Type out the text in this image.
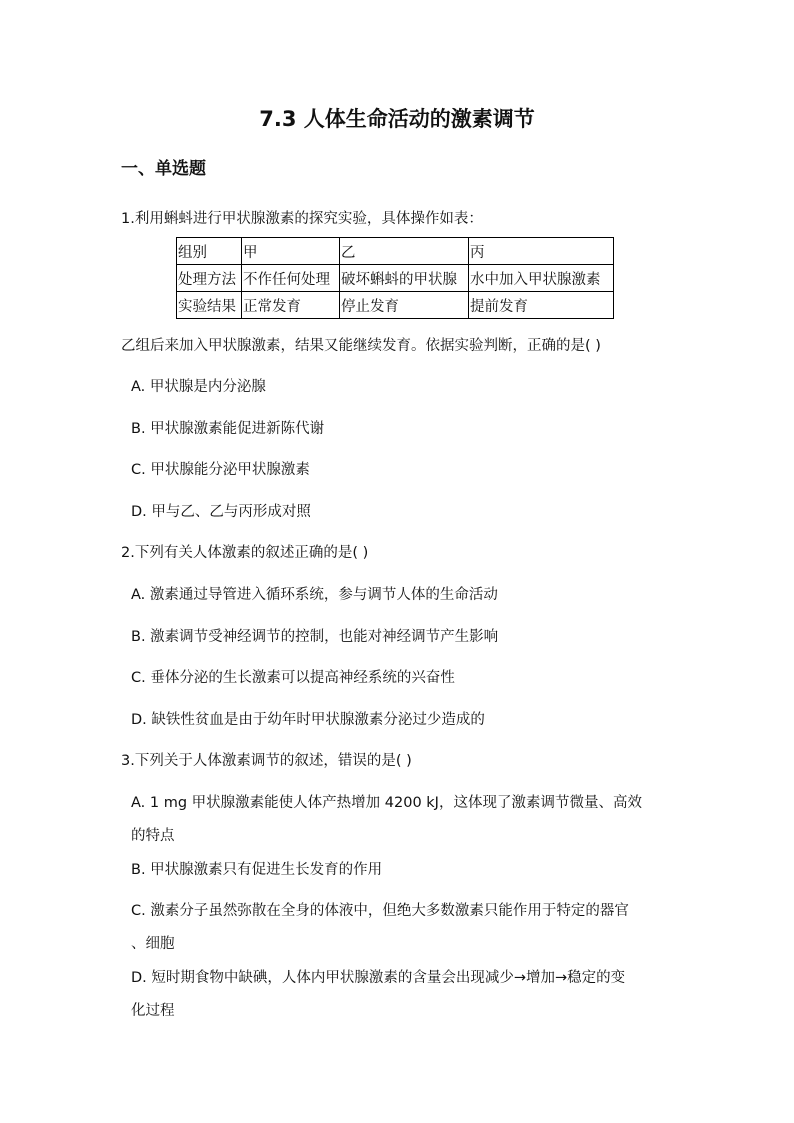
7.3 人体生命活动的激素调节
一、单选题
1.利用蝌蚪进行甲状腺激素的探究实验，具体操作如表：
组别	甲	乙	丙
处理方法	不作任何处理	破坏蝌蚪的甲状腺	水中加入甲状腺激素
实验结果	正常发育	停止发育	提前发育
乙组后来加入甲状腺激素，结果又能继续发育。依据实验判断，正确的是( )
A. 甲状腺是内分泌腺
B. 甲状腺激素能促进新陈代谢
C. 甲状腺能分泌甲状腺激素
D. 甲与乙、乙与丙形成对照
2.下列有关人体激素的叙述正确的是( )
A. 激素通过导管进入循环系统，参与调节人体的生命活动
B. 激素调节受神经调节的控制，也能对神经调节产生影响
C. 垂体分泌的生长激素可以提高神经系统的兴奋性
D. 缺铁性贫血是由于幼年时甲状腺激素分泌过少造成的
3.下列关于人体激素调节的叙述，错误的是( )
A. 1 mg 甲状腺激素能使人体产热增加 4200 kJ，这体现了激素调节微量、高效
的特点
B. 甲状腺激素只有促进生长发育的作用
C. 激素分子虽然弥散在全身的体液中，但绝大多数激素只能作用于特定的器官
、细胞
D. 短时期食物中缺碘，人体内甲状腺激素的含量会出现减少→增加→稳定的变
化过程
